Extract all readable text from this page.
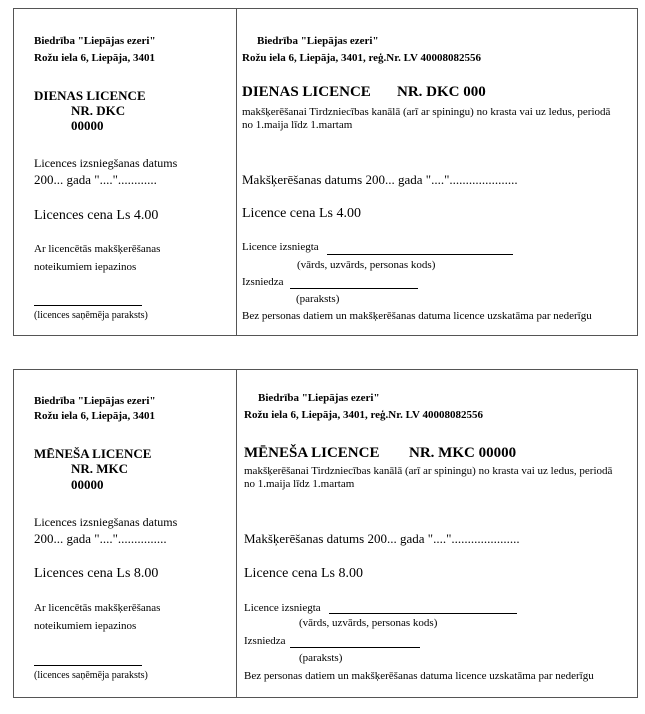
Biedrība "Liepājas ezeri"
Rožu iela 6, Liepāja, 3401
DIENAS LICENCE
NR. DKC
00000
Licences izsniegšanas datums
200... gada "...."............
Licences cena Ls 4.00
Ar licencētās makšķerēšanas
noteikumiem iepazinos
(licences saņēmēja paraksts)
Biedrība "Liepājas ezeri"
Rožu iela 6, Liepāja, 3401, reģ.Nr. LV 40008082556
DIENAS LICENCE NR. DKC 000
makšķerēšanai Tirdzniecības kanālā (arī ar spiningu) no krasta vai uz ledus, periodā no 1.maija līdz 1.martam
Makšķerēšanas datums 200... gada "....".....................
Licence cena Ls 4.00
Licence izsniegta
(vārds, uzvārds, personas kods)
Izsniedza
(paraksts)
Bez personas datiem un makšķerēšanas datuma licence uzskatāma par nederīgu
Biedrība "Liepājas ezeri"
Rožu iela 6, Liepāja, 3401
MĒNEŠA LICENCE
NR. MKC
00000
Licences izsniegšanas datums
200... gada "...."...............
Licences cena Ls 8.00
Ar licencētās makšķerēšanas
noteikumiem iepazinos
(licences saņēmēja paraksts)
Biedrība "Liepājas ezeri"
Rožu iela 6, Liepāja, 3401, reģ.Nr. LV 40008082556
MĒNEŠA LICENCE NR. MKC 00000
makšķerēšanai Tirdzniecības kanālā (arī ar spiningu) no krasta vai uz ledus, periodā no 1.maija līdz 1.martam
Makšķerēšanas datums 200... gada "....".....................
Licence cena Ls 8.00
Licence izsniegta
(vārds, uzvārds, personas kods)
Izsniedza
(paraksts)
Bez personas datiem un makšķerēšanas datuma licence uzskatāma par nederīgu
